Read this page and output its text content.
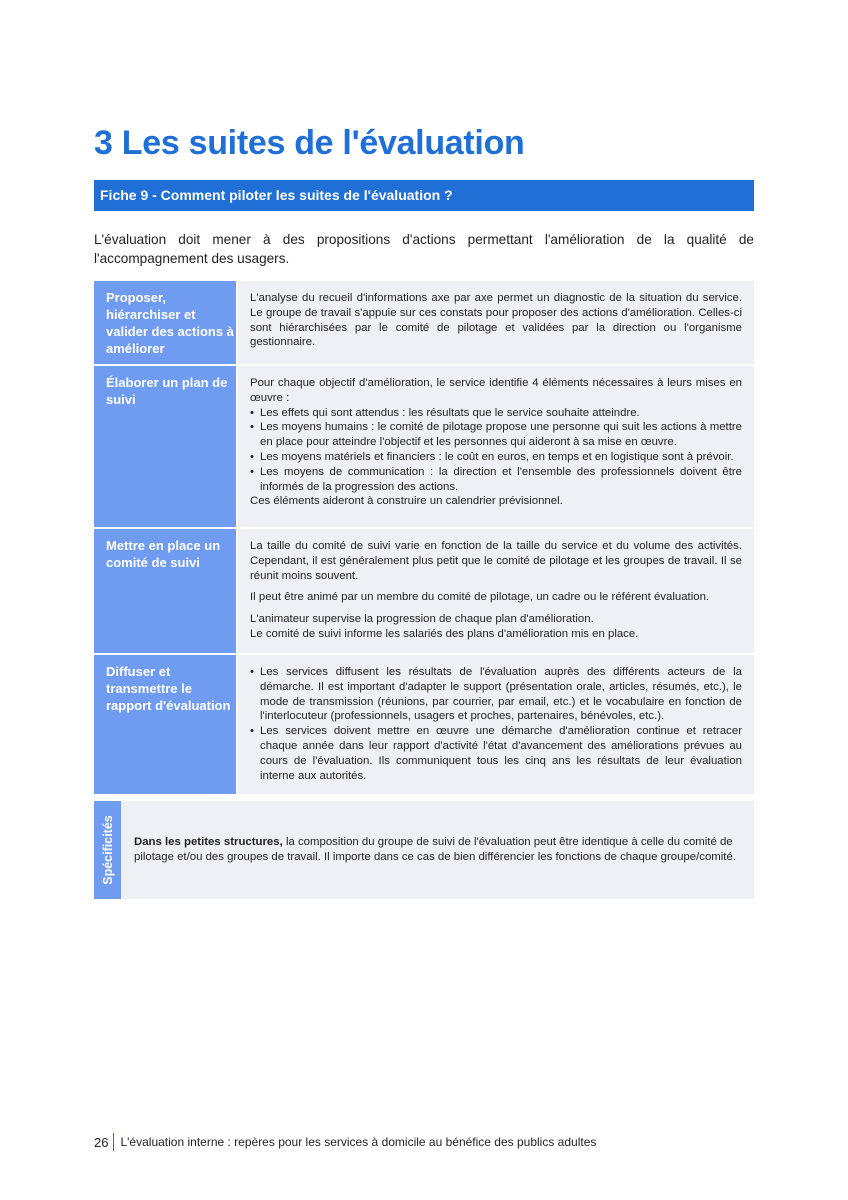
3 Les suites de l'évaluation
Fiche 9 - Comment piloter les suites de l'évaluation ?

L'évaluation doit mener à des propositions d'actions permettant l'amélioration de la qualité de l'accompagnement des usagers.

Proposer, hiérarchiser et valider des actions à améliorer

L'analyse du recueil d'informations axe par axe permet un diagnostic de la situation du service. Le groupe de travail s'appuie sur ces constats pour proposer des actions d'amélioration. Celles-ci sont hiérarchisées par le comité de pilotage et validées par la direction ou l'organisme gestionnaire.

Élaborer un plan de suivi

Pour chaque objectif d'amélioration, le service identifie 4 éléments nécessaires à leurs mises en œuvre :

• Les effets qui sont attendus : les résultats que le service souhaite atteindre.
• Les moyens humains : le comité de pilotage propose une personne qui suit les actions à mettre en place pour atteindre l'objectif et les personnes qui aideront à sa mise en œuvre.
• Les moyens matériels et financiers : le coût en euros, en temps et en logistique sont à prévoir.
• Les moyens de communication : la direction et l'ensemble des professionnels doivent être informés de la progression des actions.

Ces éléments aideront à construire un calendrier prévisionnel.

Mettre en place un comité de suivi

La taille du comité de suivi varie en fonction de la taille du service et du volume des activités. Cependant, il est généralement plus petit que le comité de pilotage et les groupes de travail. Il se réunit moins souvent.

Il peut être animé par un membre du comité de pilotage, un cadre ou le référent évaluation.

L'animateur supervise la progression de chaque plan d'amélioration.
Le comité de suivi informe les salariés des plans d'amélioration mis en place.

Diffuser et transmettre le rapport d'évaluation
• Les services diffusent les résultats de l'évaluation auprès des différents acteurs de la démarche. Il est important d'adapter le support (présentation orale, articles, résumés, etc.), le mode de transmission (réunions, par courrier, par email, etc.) et le vocabulaire en fonction de l'interlocuteur (professionnels, usagers et proches, partenaires, bénévoles, etc.).
• Les services doivent mettre en œuvre une démarche d'amélioration continue et retracer chaque année dans leur rapport d'activité l'état d'avancement des améliorations prévues au cours de l'évaluation. Ils communiquent tous les cinq ans les résultats de leur évaluation interne aux autorités.
Spécificités Dans les petites structures, la composition du groupe de suivi de l'évaluation peut être identique à celle du comité de pilotage et/ou des groupes de travail. Il importe dans ce cas de bien différencier les fonctions de chaque groupe/comité.

26 L'évaluation interne : repères pour les services à domicile au bénéfice des publics adultes
